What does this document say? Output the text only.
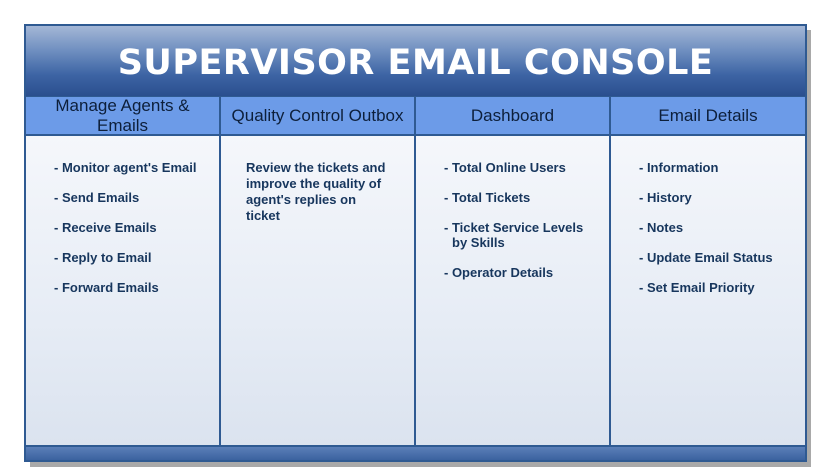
SUPERVISOR EMAIL CONSOLE
Manage Agents & Emails
- Monitor agent's Email
- Send Emails
- Receive Emails
- Reply to Email
- Forward Emails
Quality Control Outbox

Review the tickets and improve the quality of agent's replies on ticket

Dashboard
- Total Online Users
- Total Tickets
- Ticket Service Levels by Skills
- Operator Details
Email Details
- Information
- History
- Notes
- Update Email Status
- Set Email Priority
